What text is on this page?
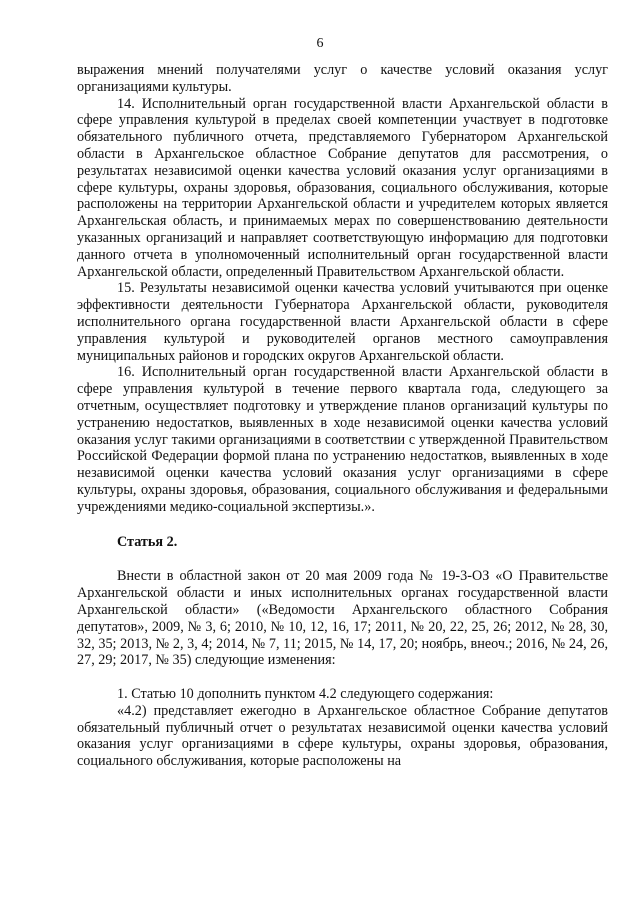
6

выражения мнений получателями услуг о качестве условий оказания услуг организациями культуры.

14. Исполнительный орган государственной власти Архангельской области в сфере управления культурой в пределах своей компетенции участвует в подготовке обязательного публичного отчета, представляемого Губернатором Архангельской области в Архангельское областное Собрание депутатов для рассмотрения, о результатах независимой оценки качества условий оказания услуг организациями в сфере культуры, охраны здоровья, образования, социального обслуживания, которые расположены на территории Архангельской области и учредителем которых является Архангельская область, и принимаемых мерах по совершенствованию деятельности указанных организаций и направляет соответствующую информацию для подготовки данного отчета в уполномоченный исполнительный орган государственной власти Архангельской области, определенный Правительством Архангельской области.

15. Результаты независимой оценки качества условий учитываются при оценке эффективности деятельности Губернатора Архангельской области, руководителя исполнительного органа государственной власти Архангельской области в сфере управления культурой и руководителей органов местного самоуправления муниципальных районов и городских округов Архангельской области.

16. Исполнительный орган государственной власти Архангельской области в сфере управления культурой в течение первого квартала года, следующего за отчетным, осуществляет подготовку и утверждение планов организаций культуры по устранению недостатков, выявленных в ходе независимой оценки качества условий оказания услуг такими организациями в соответствии с утвержденной Правительством Российской Федерации формой плана по устранению недостатков, выявленных в ходе независимой оценки качества условий оказания услуг организациями в сфере культуры, охраны здоровья, образования, социального обслуживания и федеральными учреждениями медико-социальной экспертизы.».

Статья 2.

Внести в областной закон от 20 мая 2009 года № 19-3-ОЗ «О Правительстве Архангельской области и иных исполнительных органах государственной власти Архангельской области» («Ведомости Архангельского областного Собрания депутатов», 2009, № 3, 6; 2010, № 10, 12, 16, 17; 2011, № 20, 22, 25, 26; 2012, № 28, 30, 32, 35; 2013, № 2, 3, 4; 2014, № 7, 11; 2015, № 14, 17, 20; ноябрь, внеоч.; 2016, № 24, 26, 27, 29; 2017, № 35) следующие изменения:

1. Статью 10 дополнить пунктом 4.2 следующего содержания:

«4.2) представляет ежегодно в Архангельское областное Собрание депутатов обязательный публичный отчет о результатах независимой оценки качества условий оказания услуг организациями в сфере культуры, охраны здоровья, образования, социального обслуживания, которые расположены на
